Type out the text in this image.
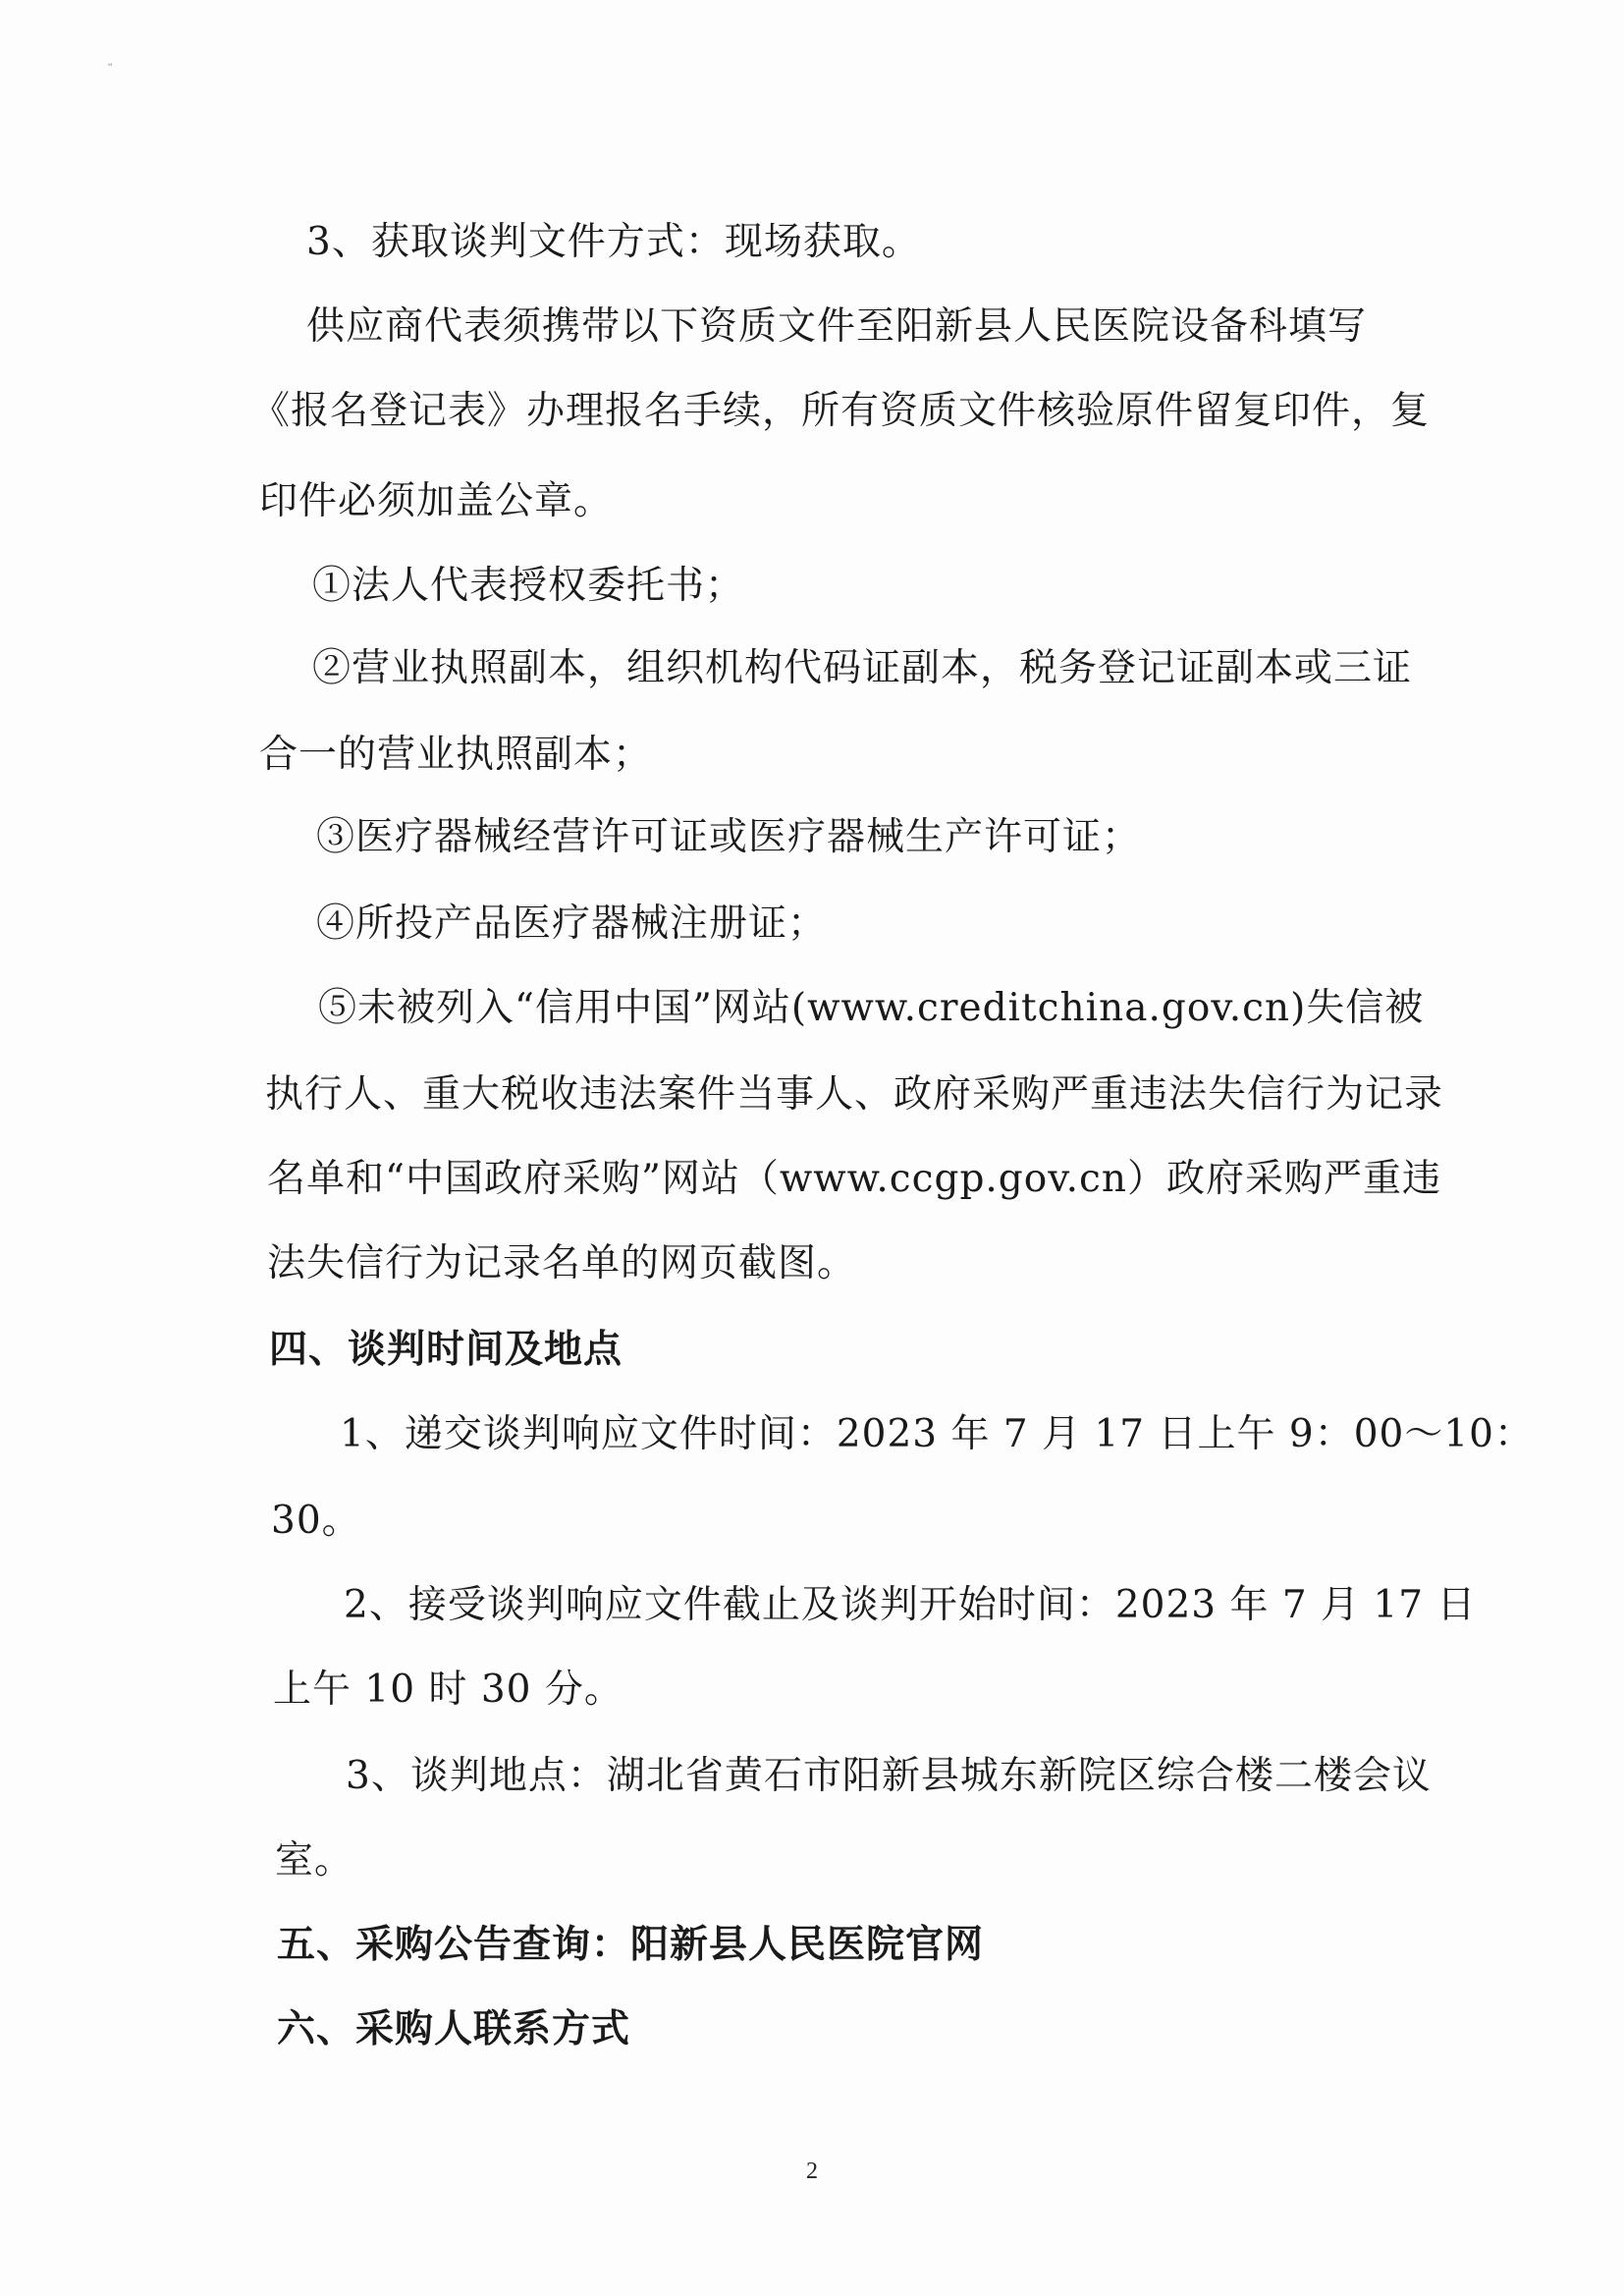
"
3、获取谈判文件方式：现场获取。
供应商代表须携带以下资质文件至阳新县人民医院设备科填写
《报名登记表》办理报名手续，所有资质文件核验原件留复印件，复
印件必须加盖公章。
①法人代表授权委托书；
②营业执照副本，组织机构代码证副本，税务登记证副本或三证
合一的营业执照副本；
③医疗器械经营许可证或医疗器械生产许可证；
④所投产品医疗器械注册证；
⑤未被列入“信用中国”网站(www.creditchina.gov.cn)失信被
执行人、重大税收违法案件当事人、政府采购严重违法失信行为记录
名单和“中国政府采购”网站（www.ccgp.gov.cn）政府采购严重违
法失信行为记录名单的网页截图。
四、谈判时间及地点
1、递交谈判响应文件时间：2023 年 7 月 17 日上午 9：00～10：
30。
2、接受谈判响应文件截止及谈判开始时间：2023 年 7 月 17 日
上午 10 时 30 分。
3、谈判地点：湖北省黄石市阳新县城东新院区综合楼二楼会议
室。
五、采购公告查询：阳新县人民医院官网
六、采购人联系方式
2
